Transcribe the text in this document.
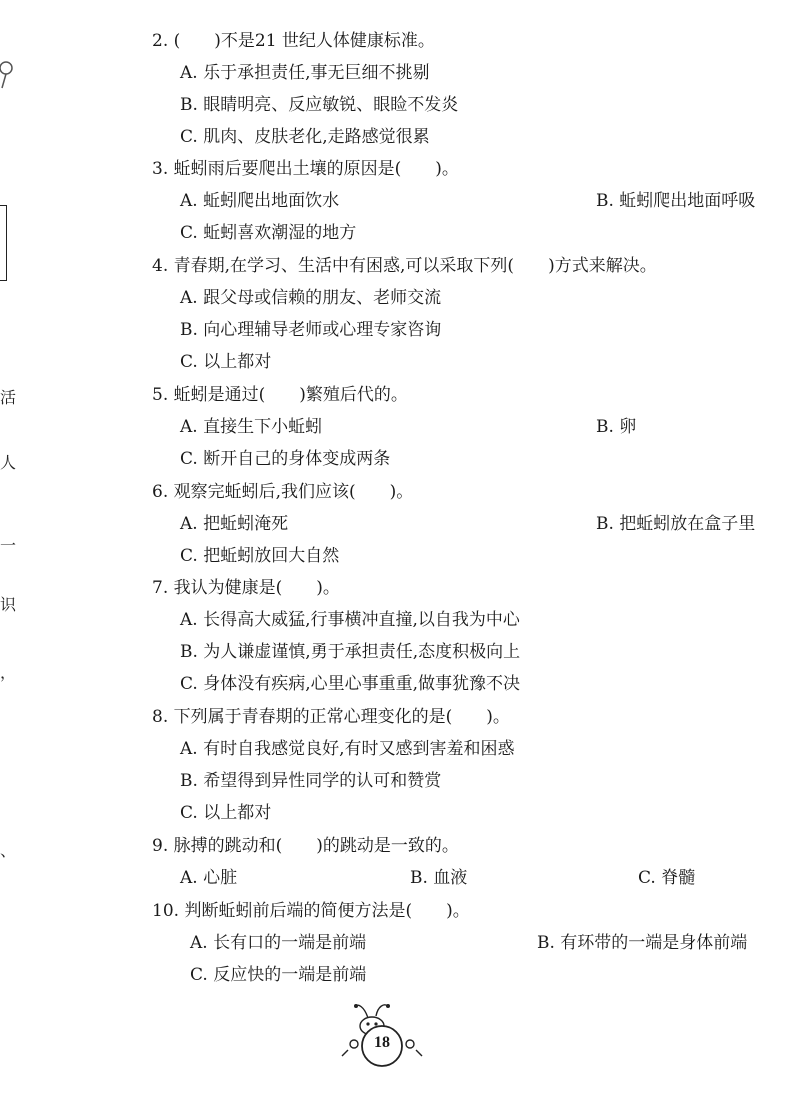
活
人
一
识
，
、
2. (　　)不是21 世纪人体健康标准。
A. 乐于承担责任,事无巨细不挑剔
B. 眼睛明亮、反应敏锐、眼睑不发炎
C. 肌肉、皮肤老化,走路感觉很累
3. 蚯蚓雨后要爬出土壤的原因是(　　)。
A. 蚯蚓爬出地面饮水	B. 蚯蚓爬出地面呼吸
C. 蚯蚓喜欢潮湿的地方
4. 青春期,在学习、生活中有困惑,可以采取下列(　　)方式来解决。
A. 跟父母或信赖的朋友、老师交流
B. 向心理辅导老师或心理专家咨询
C. 以上都对
5. 蚯蚓是通过(　　)繁殖后代的。
A. 直接生下小蚯蚓	B. 卵
C. 断开自己的身体变成两条
6. 观察完蚯蚓后,我们应该(　　)。
A. 把蚯蚓淹死	B. 把蚯蚓放在盒子里
C. 把蚯蚓放回大自然
7. 我认为健康是(　　)。
A. 长得高大威猛,行事横冲直撞,以自我为中心
B. 为人谦虚谨慎,勇于承担责任,态度积极向上
C. 身体没有疾病,心里心事重重,做事犹豫不决
8. 下列属于青春期的正常心理变化的是(　　)。
A. 有时自我感觉良好,有时又感到害羞和困惑
B. 希望得到异性同学的认可和赞赏
C. 以上都对
9. 脉搏的跳动和(　　)的跳动是一致的。
A. 心脏	B. 血液	C. 脊髓
10. 判断蚯蚓前后端的简便方法是(　　)。
A. 长有口的一端是前端	B. 有环带的一端是身体前端
C. 反应快的一端是前端
18
